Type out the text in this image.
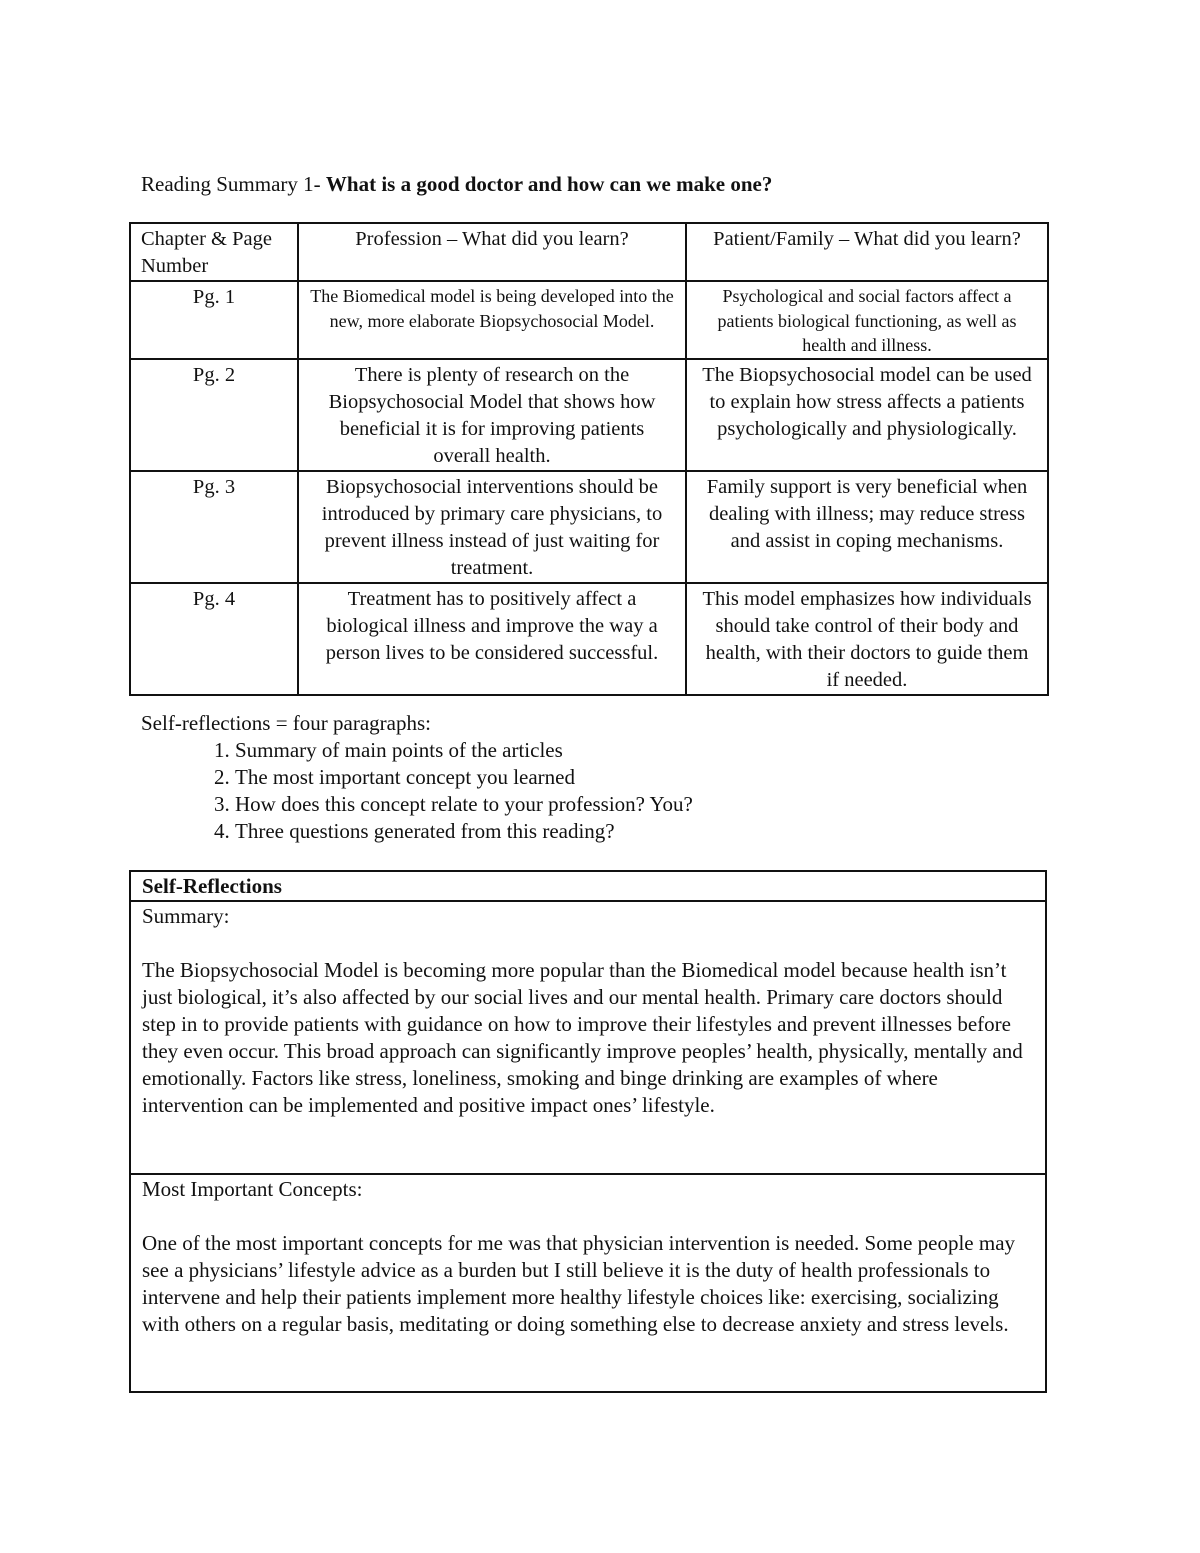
Reading Summary 1- What is a good doctor and how can we make one?
Chapter & Page Number	Profession – What did you learn?	Patient/Family – What did you learn?
Pg. 1	The Biomedical model is being developed into the new, more elaborate Biopsychosocial Model.	Psychological and social factors affect a patients biological functioning, as well as health and illness.
Pg. 2	There is plenty of research on the Biopsychosocial Model that shows how beneficial it is for improving patients overall health.	The Biopsychosocial model can be used to explain how stress affects a patients psychologically and physiologically.
Pg. 3	Biopsychosocial interventions should be introduced by primary care physicians, to prevent illness instead of just waiting for treatment.	Family support is very beneficial when dealing with illness; may reduce stress and assist in coping mechanisms.
Pg. 4	Treatment has to positively affect a biological illness and improve the way a person lives to be considered successful.	This model emphasizes how individuals should take control of their body and health, with their doctors to guide them if needed.
Self-reflections = four paragraphs:
1. Summary of main points of the articles
2. The most important concept you learned
3. How does this concept relate to your profession? You?
4. Three questions generated from this reading?
Self-Reflections

Summary:
The Biopsychosocial Model is becoming more popular than the Biomedical model because health isn’t just biological, it’s also affected by our social lives and our mental health. Primary care doctors should step in to provide patients with guidance on how to improve their lifestyles and prevent illnesses before they even occur. This broad approach can significantly improve peoples’ health, physically, mentally and emotionally. Factors like stress, loneliness, smoking and binge drinking are examples of where intervention can be implemented and positive impact ones’ lifestyle.

Most Important Concepts:
One of the most important concepts for me was that physician intervention is needed. Some people may see a physicians’ lifestyle advice as a burden but I still believe it is the duty of health professionals to intervene and help their patients implement more healthy lifestyle choices like: exercising, socializing with others on a regular basis, meditating or doing something else to decrease anxiety and stress levels.
